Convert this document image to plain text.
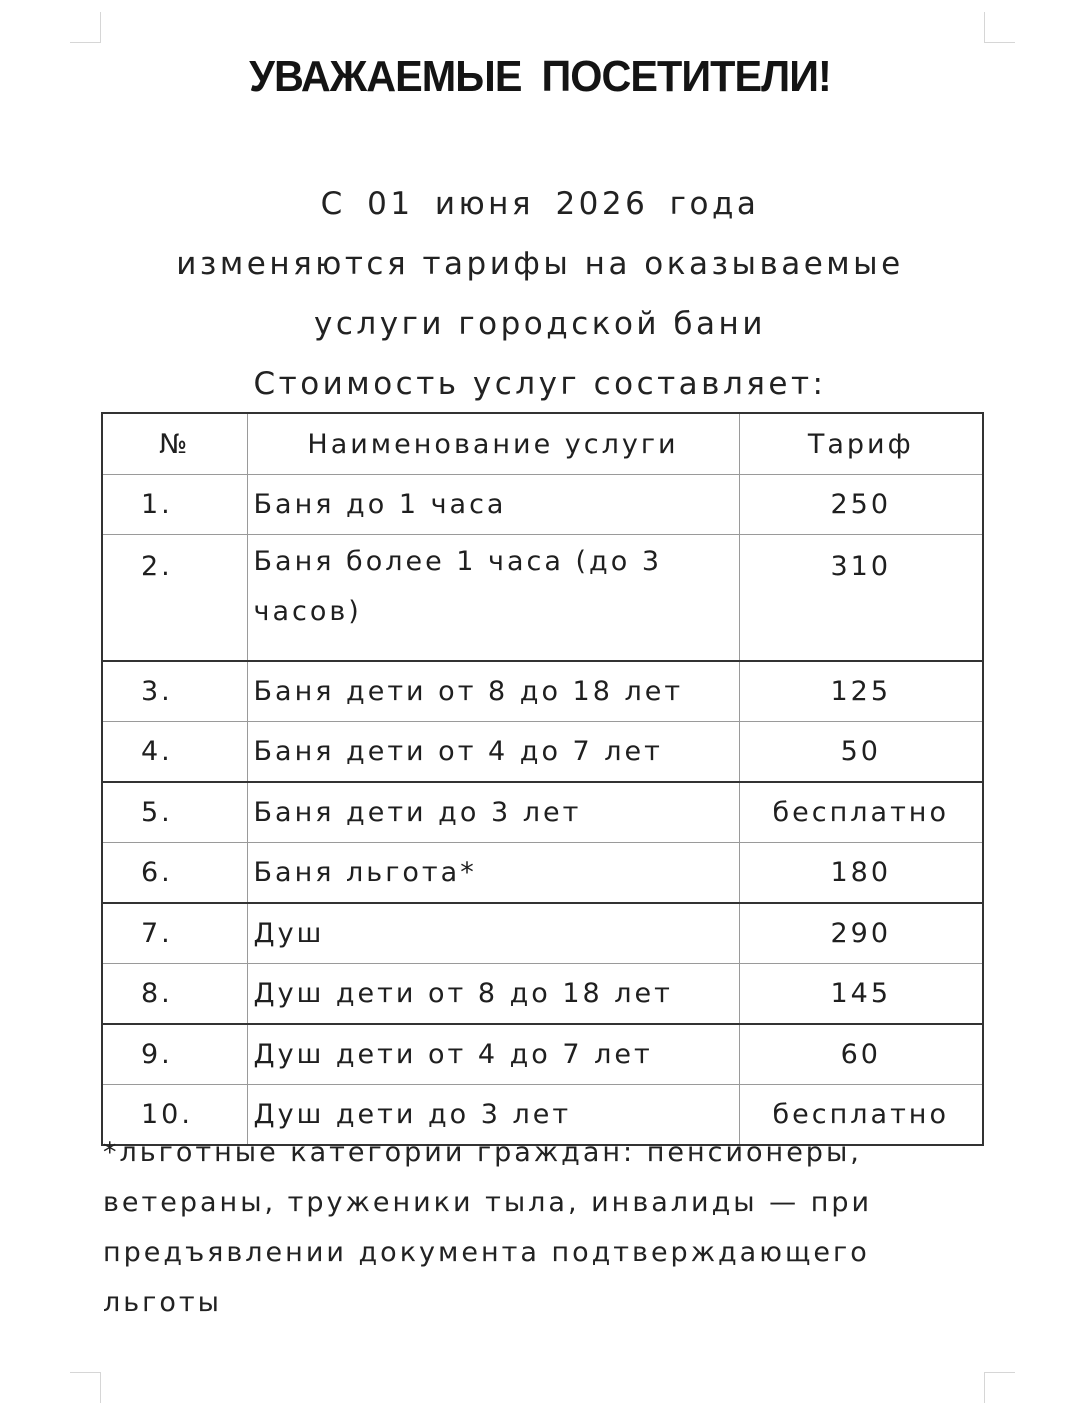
УВАЖАЕМЫЕ ПОСЕТИТЕЛИ!
С 01 июня 2026 года
изменяются тарифы на оказываемые
услуги городской бани
Стоимость услуг составляет:
№	Наименование услуги	Тариф
1.	Баня до 1 часа	250
2.	Баня более 1 часа (до 3 часов)	310
3.	Баня дети от 8 до 18 лет	125
4.	Баня дети от 4 до 7 лет	50
5.	Баня дети до 3 лет	бесплатно
6.	Баня льгота*	180
7.	Душ	290
8.	Душ дети от 8 до 18 лет	145
9.	Душ дети от 4 до 7 лет	60
10.	Душ дети до 3 лет	бесплатно
*льготные категории граждан: пенсионеры, ветераны, труженики тыла, инвалиды — при предъявлении документа подтверждающего льготы
